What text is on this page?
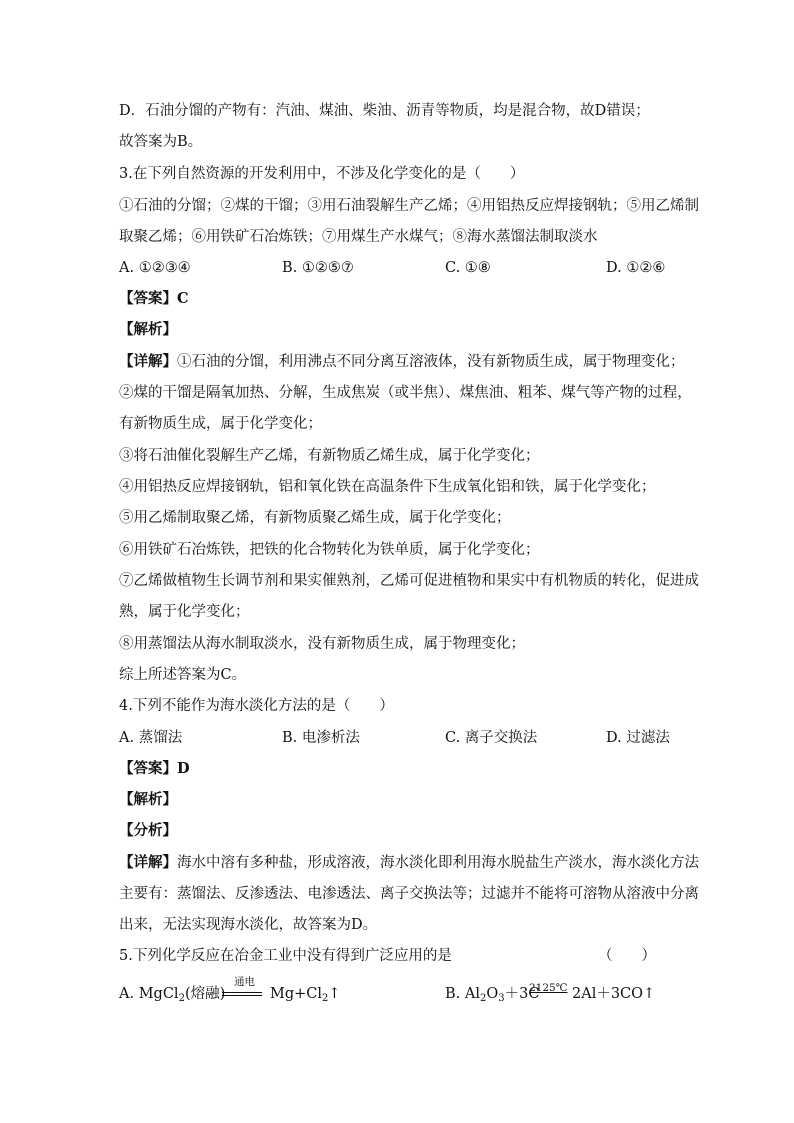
D．石油分馏的产物有：汽油、煤油、柴油、沥青等物质，均是混合物，故D错误；
故答案为B。
3.在下列自然资源的开发利用中，不涉及化学变化的是（　　）
①石油的分馏；②煤的干馏；③用石油裂解生产乙烯；④用铝热反应焊接钢轨；⑤用乙烯制
取聚乙烯；⑥用铁矿石冶炼铁；⑦用煤生产水煤气；⑧海水蒸馏法制取淡水
A. ①②③④	B. ①②⑤⑦	C. ①⑧	D. ①②⑥
【答案】C
【解析】
【详解】①石油的分馏，利用沸点不同分离互溶液体，没有新物质生成，属于物理变化；
②煤的干馏是隔氧加热、分解，生成焦炭（或半焦）、煤焦油、粗苯、煤气等产物的过程，
有新物质生成，属于化学变化；
③将石油催化裂解生产乙烯，有新物质乙烯生成，属于化学变化；
④用铝热反应焊接钢轨，铝和氧化铁在高温条件下生成氧化铝和铁，属于化学变化；
⑤用乙烯制取聚乙烯，有新物质聚乙烯生成，属于化学变化；
⑥用铁矿石冶炼铁，把铁的化合物转化为铁单质，属于化学变化；
⑦乙烯做植物生长调节剂和果实催熟剂，乙烯可促进植物和果实中有机物质的转化，促进成
熟，属于化学变化；
⑧用蒸馏法从海水制取淡水，没有新物质生成，属于物理变化；
综上所述答案为C。
4.下列不能作为海水淡化方法的是（　　）
A. 蒸馏法	B. 电渗析法	C. 离子交换法	D. 过滤法
【答案】D
【解析】
【分析】
【详解】海水中溶有多种盐，形成溶液，海水淡化即利用海水脱盐生产淡水，海水淡化方法
主要有：蒸馏法、反渗透法、电渗透法、离子交换法等；过滤并不能将可溶物从溶液中分离
出来，无法实现海水淡化，故答案为D。
5.下列化学反应在冶金工业中没有得到广泛应用的是	（　　）
A. MgCl$_2$(熔融)
通电
$Mg+Cl_2↑$	B. $Al_2O_3+3C$
2125℃ 2Al＋3CO↑
